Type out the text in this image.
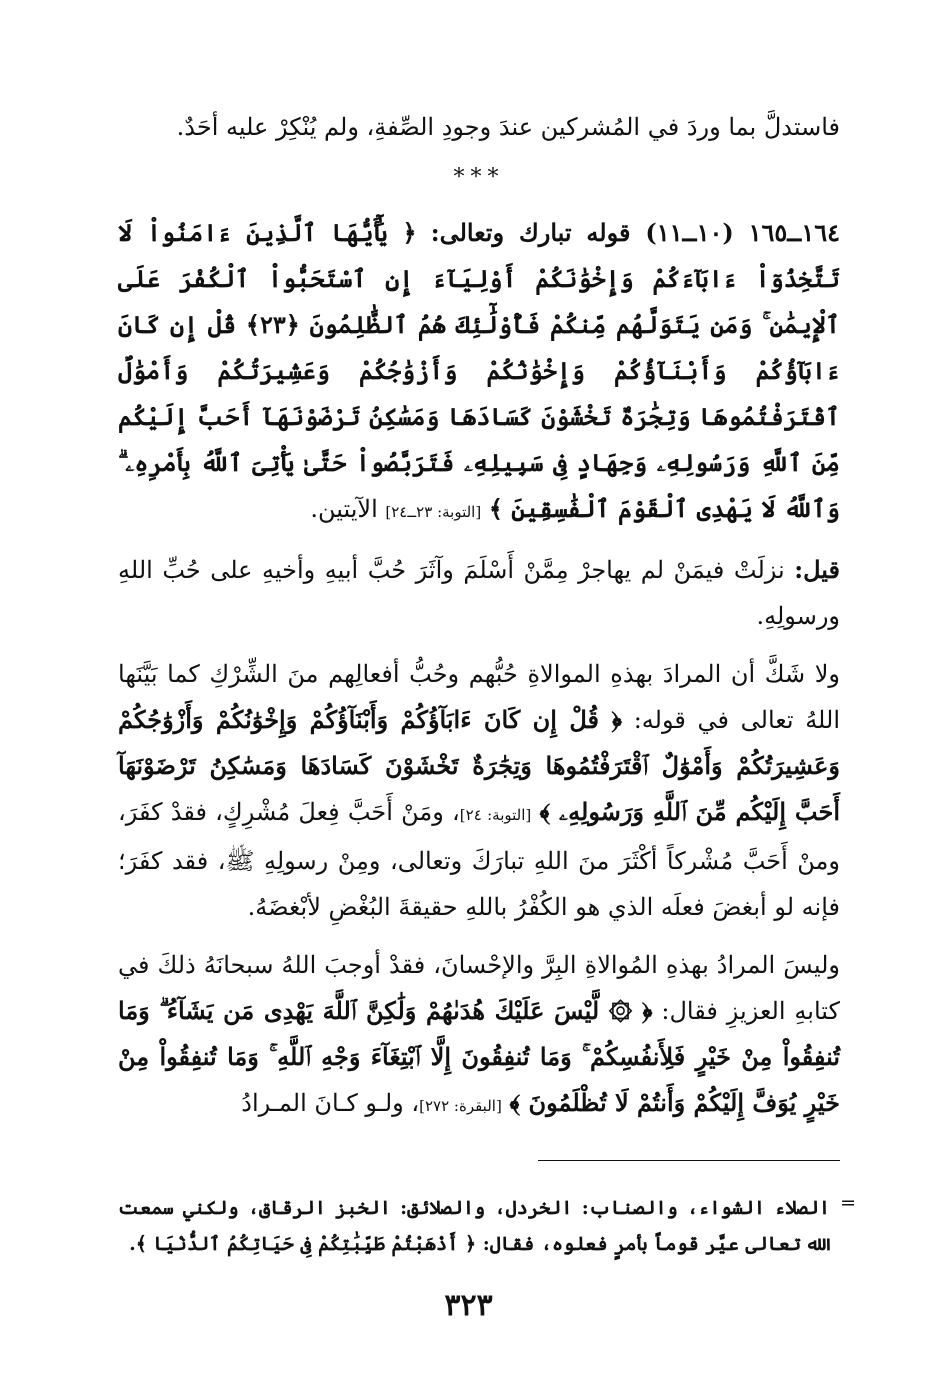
فاستدلَّ بما وردَ في المُشركين عندَ وجودِ الصِّفةِ، ولم يُنْكِرْ عليه أحَدٌ.

***

١٦٤ــ١٦٥ (١٠ــ١١) قوله تبارك وتعالى: ﴿ يَٰٓأَيُّهَا ٱلَّذِينَ ءَامَنُواْ لَا تَتَّخِذُوٓاْ ءَابَآءَكُمْ وَإِخْوَٰنَكُمْ أَوْلِيَآءَ إِنِ ٱسْتَحَبُّواْ ٱلْكُفْرَ عَلَى ٱلْإِيمَٰنِ ۚ وَمَن يَتَوَلَّهُم مِّنكُمْ فَأُوْلَٰٓئِكَ هُمُ ٱلظَّٰلِمُونَ ﴿٢٣﴾ قُلْ إِن كَانَ ءَابَآؤُكُمْ وَأَبْنَآؤُكُمْ وَإِخْوَٰنُكُمْ وَأَزْوَٰجُكُمْ وَعَشِيرَتُكُمْ وَأَمْوَٰلٌ ٱقْتَرَفْتُمُوهَا وَتِجَٰرَةٌ تَخْشَوْنَ كَسَادَهَا وَمَسَٰكِنُ تَرْضَوْنَهَآ أَحَبَّ إِلَيْكُم مِّنَ ٱللَّهِ وَرَسُولِهِۦ وَجِهَادٍ فِى سَبِيلِهِۦ فَتَرَبَّصُواْ حَتَّىٰ يَأْتِىَ ٱللَّهُ بِأَمْرِهِۦ ۗ وَٱللَّهُ لَا يَهْدِى ٱلْقَوْمَ ٱلْفَٰسِقِينَ ﴾ [التوبة: ٢٣ــ٢٤] الآيتين.

قيل: نزلَتْ فيمَنْ لم يهاجرْ مِمَّنْ أَسْلَمَ وآثَرَ حُبَّ أبيهِ وأخيهِ على حُبِّ اللهِ ورسولِهِ.

ولا شَكَّ أن المرادَ بهذهِ الموالاةِ حُبُّهم وحُبُّ أفعالِهم منَ الشِّرْكِ كما بَيَّنَها اللهُ تعالى في قوله: ﴿ قُلْ إِن كَانَ ءَابَآؤُكُمْ وَأَبْنَآؤُكُمْ وَإِخْوَٰنُكُمْ وَأَزْوَٰجُكُمْ وَعَشِيرَتُكُمْ وَأَمْوَٰلٌ ٱقْتَرَفْتُمُوهَا وَتِجَٰرَةٌ تَخْشَوْنَ كَسَادَهَا وَمَسَٰكِنُ تَرْضَوْنَهَآ أَحَبَّ إِلَيْكُم مِّنَ ٱللَّهِ وَرَسُولِهِۦ ﴾ [التوبة: ٢٤]، ومَنْ أَحَبَّ فِعلَ مُشْرِكٍ، فقدْ كفَرَ، ومنْ أَحَبَّ مُشْركاً أكْثَرَ منَ اللهِ تبارَكَ وتعالى، ومِنْ رسولِهِ ﷺ، فقد كفَرَ؛ فإنه لو أبغضَ فعلَه الذي هو الكُفْرُ باللهِ حقيقةَ البُغْضِ لأبْغضَهُ.

وليسَ المرادُ بهذهِ المُوالاةِ البِرَّ والإحْسانَ، فقدْ أوجبَ اللهُ سبحانَهُ ذلكَ في كتابهِ العزيزِ فقال: ﴿ ۞ لَّيْسَ عَلَيْكَ هُدَىٰهُمْ وَلَٰكِنَّ ٱللَّهَ يَهْدِى مَن يَشَآءُ ۗ وَمَا تُنفِقُواْ مِنْ خَيْرٍ فَلِأَنفُسِكُمْ ۚ وَمَا تُنفِقُونَ إِلَّا ٱبْتِغَآءَ وَجْهِ ٱللَّهِ ۚ وَمَا تُنفِقُواْ مِنْ خَيْرٍ يُوَفَّ إِلَيْكُمْ وَأَنتُمْ لَا تُظْلَمُونَ ﴾ [البقرة: ٢٧٢]، ولـو كـانَ المـرادُ

=

الصلاء الشواء، والصناب: الخردل، والصلائق: الخبز الرقاق، ولكني سمعت الله تعالى عيَّر قوماً بأمرٍ فعلوه، فقال: ﴿ أَذْهَبْتُمْ طَيِّبَٰتِكُمْ فِى حَيَاتِكُمُ ٱلدُّنْيَا ﴾.

٣٢٣
